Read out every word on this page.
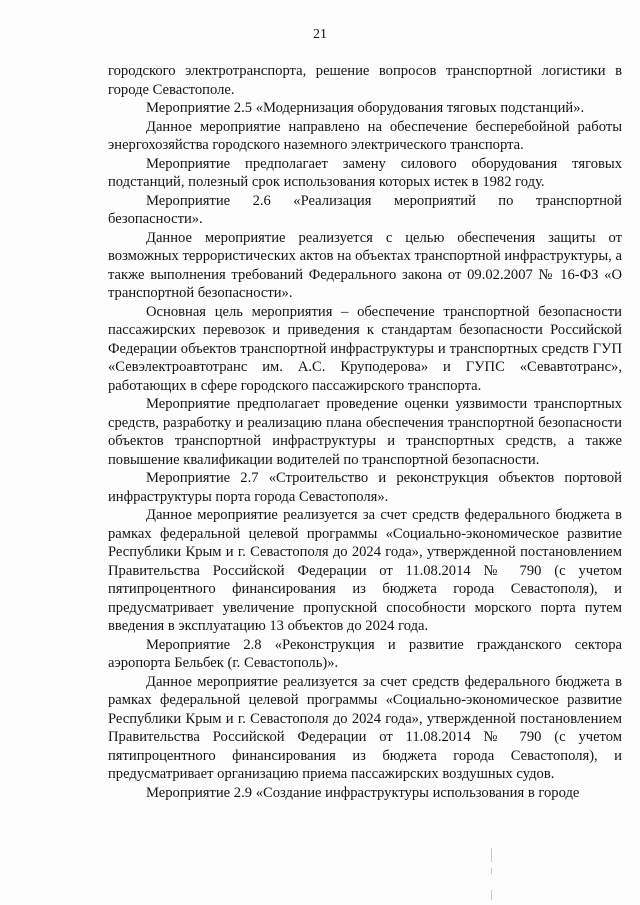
21

городского электротранспорта, решение вопросов транспортной логистики в городе Севастополе.

Мероприятие 2.5 «Модернизация оборудования тяговых подстанций».

Данное мероприятие направлено на обеспечение бесперебойной работы энергохозяйства городского наземного электрического транспорта.

Мероприятие предполагает замену силового оборудования тяговых подстанций, полезный срок использования которых истек в 1982 году.

Мероприятие 2.6 «Реализация мероприятий по транспортной безопасности».

Данное мероприятие реализуется с целью обеспечения защиты от возможных террористических актов на объектах транспортной инфраструктуры, а также выполнения требований Федерального закона от 09.02.2007 № 16-ФЗ «О транспортной безопасности».

Основная цель мероприятия – обеспечение транспортной безопасности пассажирских перевозок и приведения к стандартам безопасности Российской Федерации объектов транспортной инфраструктуры и транспортных средств ГУП «Севэлектроавтотранс им. А.С. Круподерова» и ГУПС «Севавтотранс», работающих в сфере городского пассажирского транспорта.

Мероприятие предполагает проведение оценки уязвимости транспортных средств, разработку и реализацию плана обеспечения транспортной безопасности объектов транспортной инфраструктуры и транспортных средств, а также повышение квалификации водителей по транспортной безопасности.

Мероприятие 2.7 «Строительство и реконструкция объектов портовой инфраструктуры порта города Севастополя».

Данное мероприятие реализуется за счет средств федерального бюджета в рамках федеральной целевой программы «Социально-экономическое развитие Республики Крым и г. Севастополя до 2024 года», утвержденной постановлением Правительства Российской Федерации от 11.08.2014 № 790 (с учетом пятипроцентного финансирования из бюджета города Севастополя), и предусматривает увеличение пропускной способности морского порта путем введения в эксплуатацию 13 объектов до 2024 года.

Мероприятие 2.8 «Реконструкция и развитие гражданского сектора аэропорта Бельбек (г. Севастополь)».

Данное мероприятие реализуется за счет средств федерального бюджета в рамках федеральной целевой программы «Социально-экономическое развитие Республики Крым и г. Севастополя до 2024 года», утвержденной постановлением Правительства Российской Федерации от 11.08.2014 № 790 (с учетом пятипроцентного финансирования из бюджета города Севастополя), и предусматривает организацию приема пассажирских воздушных судов.

Мероприятие 2.9 «Создание инфраструктуры использования в городе
